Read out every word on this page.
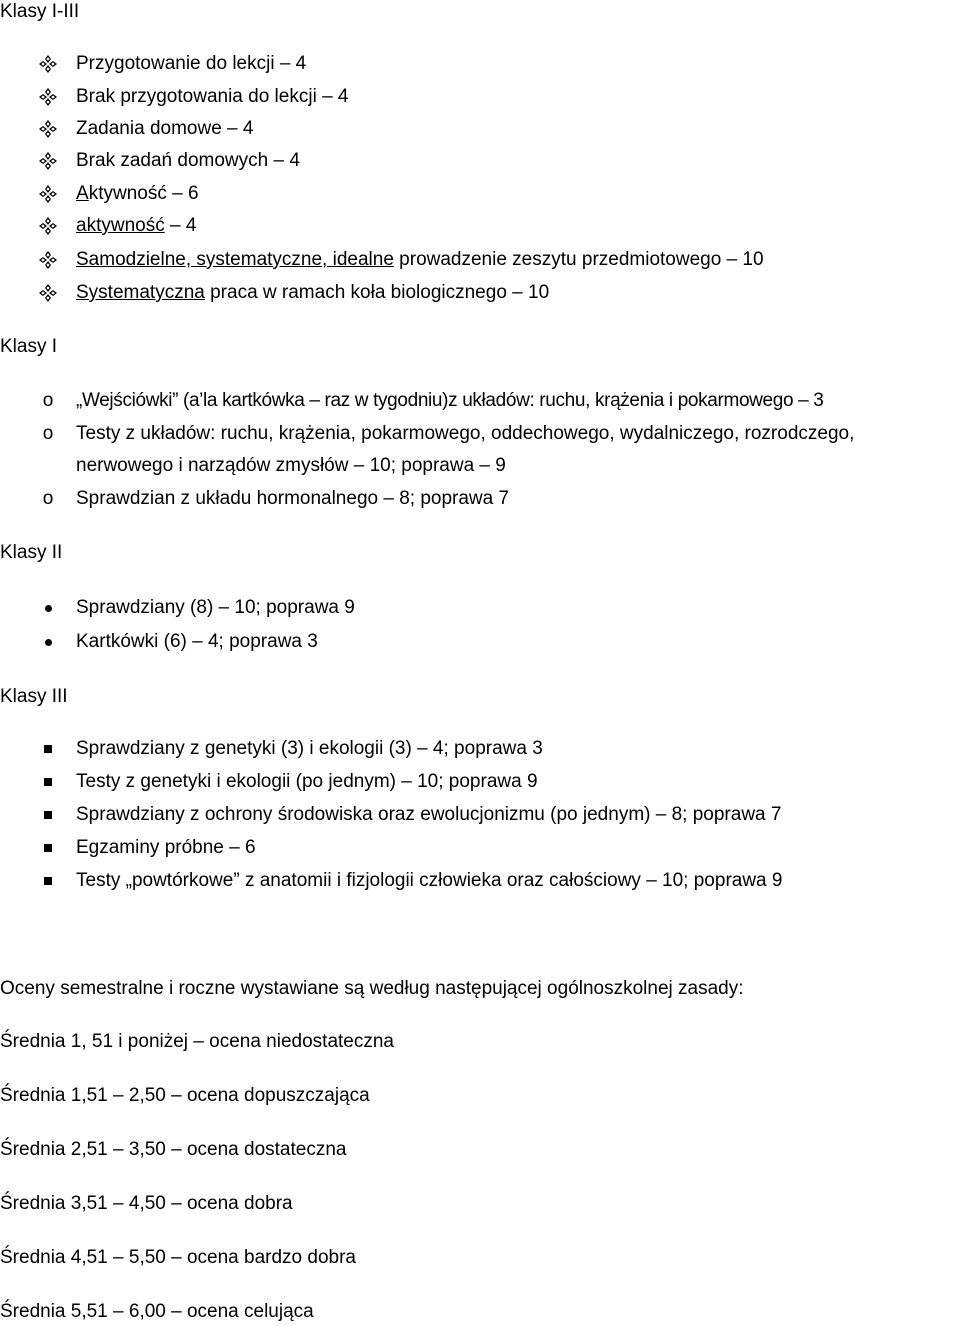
Klasy I-III
Przygotowanie do lekcji – 4
Brak przygotowania do lekcji – 4
Zadania domowe – 4
Brak zadań domowych – 4
Aktywność – 6
aktywność – 4
Samodzielne, systematyczne, idealne prowadzenie zeszytu przedmiotowego – 10
Systematyczna praca w ramach koła biologicznego – 10
Klasy I
o	„Wejściówki” (a’la kartkówka – raz w tygodniu)z układów: ruchu, krążenia i pokarmowego – 3
o	Testy z układów: ruchu, krążenia, pokarmowego, oddechowego, wydalniczego, rozrodczego,
nerwowego i narządów zmysłów – 10; poprawa – 9
o	Sprawdzian z układu hormonalnego – 8; poprawa 7
Klasy II
Sprawdziany (8) – 10; poprawa 9
Kartkówki (6) – 4; poprawa 3
Klasy III
Sprawdziany z genetyki (3) i ekologii (3) – 4; poprawa 3
Testy z genetyki i ekologii (po jednym) – 10; poprawa 9
Sprawdziany z ochrony środowiska oraz ewolucjonizmu (po jednym) – 8; poprawa 7
Egzaminy próbne – 6
Testy „powtórkowe” z anatomii i fizjologii człowieka oraz całościowy – 10; poprawa 9
Oceny semestralne i roczne wystawiane są według następującej ogólnoszkolnej zasady:
Średnia 1, 51 i poniżej – ocena niedostateczna
Średnia 1,51 – 2,50 – ocena dopuszczająca
Średnia 2,51 – 3,50 – ocena dostateczna
Średnia 3,51 – 4,50 – ocena dobra
Średnia 4,51 – 5,50 – ocena bardzo dobra
Średnia 5,51 – 6,00 – ocena celująca
